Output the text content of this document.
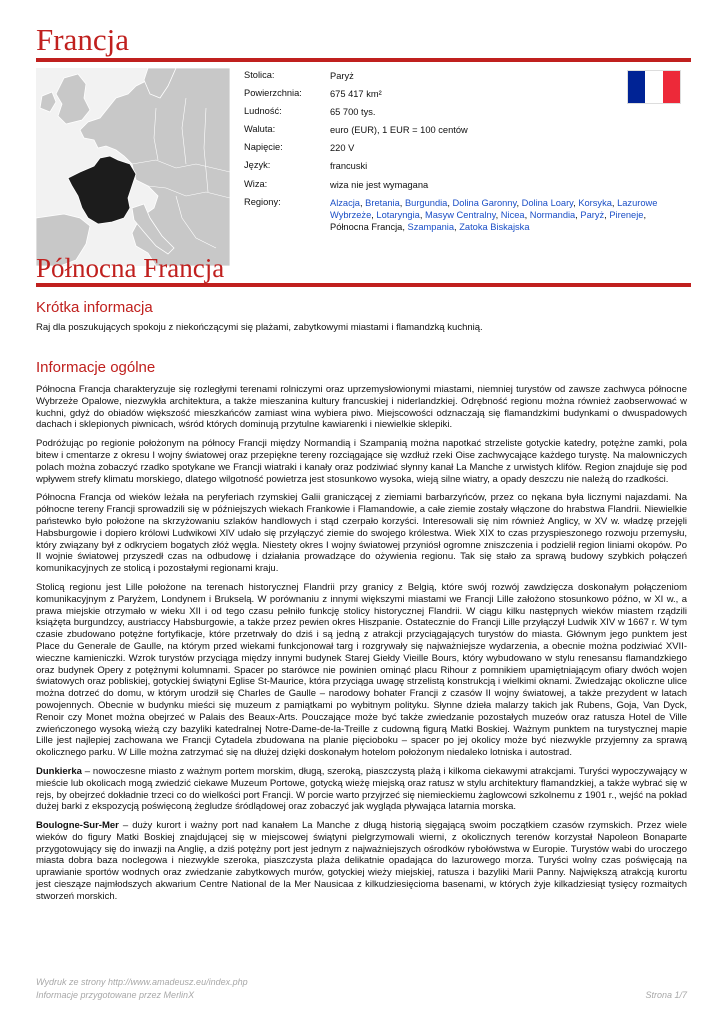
Francja
Stolica:	Paryż
Powierzchnia:	675 417 km²
Ludność:	65 700 tys.
Waluta:	euro (EUR), 1 EUR = 100 centów
Napięcie:	220 V
Język:	francuski
Wiza:	wiza nie jest wymagana
Regiony:	Alzacja, Bretania, Burgundia, Dolina Garonny, Dolina Loary, Korsyka, Lazurowe Wybrzeże, Lotaryngia, Masyw Centralny, Nicea, Normandia, Paryż, Pireneje, Północna Francja, Szampania, Zatoka Biskajska
Północna Francja
Krótka informacja
Raj dla poszukujących spokoju z niekończącymi się plażami, zabytkowymi miastami i flamandzką kuchnią.
Informacje ogólne

Północna Francja charakteryzuje się rozległymi terenami rolniczymi oraz uprzemysłowionymi miastami, niemniej turystów od zawsze zachwyca północne Wybrzeże Opalowe, niezwykła architektura, a także mieszanina kultury francuskiej i niderlandzkiej. Odrębność regionu można również zaobserwować w kuchni, gdyż do obiadów większość mieszkańców zamiast wina wybiera piwo. Miejscowości odznaczają się flamandzkimi budynkami o dwuspadowych dachach i sklepionych piwnicach, wśród których dominują przytulne kawiarenki i niewielkie sklepiki.

Podróżując po regionie położonym na północy Francji między Normandią i Szampanią można napotkać strzeliste gotyckie katedry, potężne zamki, pola bitew i cmentarze z okresu I wojny światowej oraz przepiękne tereny rozciągające się wzdłuż rzeki Oise zachwycające każdego turystę. Na malowniczych polach można zobaczyć rzadko spotykane we Francji wiatraki i kanały oraz podziwiać słynny kanał La Manche z urwistych klifów. Region znajduje się pod wpływem strefy klimatu morskiego, dlatego wilgotność powietrza jest stosunkowo wysoka, wieją silne wiatry, a opady deszczu nie należą do rzadkości.

Północna Francja od wieków leżała na peryferiach rzymskiej Galii graniczącej z ziemiami barbarzyńców, przez co nękana była licznymi najazdami. Na północne tereny Francji sprowadzili się w późniejszych wiekach Frankowie i Flamandowie, a całe ziemie zostały włączone do hrabstwa Flandrii. Niewielkie państewko było położone na skrzyżowaniu szlaków handlowych i stąd czerpało korzyści. Interesowali się nim również Anglicy, w XV w. władzę przejęli Habsburgowie i dopiero królowi Ludwikowi XIV udało się przyłączyć ziemie do swojego królestwa. Wiek XIX to czas przyspieszonego rozwoju przemysłu, który związany był z odkryciem bogatych złóż węgla. Niestety okres I wojny światowej przyniósł ogromne zniszczenia i podzielił region liniami okopów. Po II wojnie światowej przyszedł czas na odbudowę i działania prowadzące do ożywienia regionu. Tak się stało za sprawą budowy szybkich połączeń komunikacyjnych ze stolicą i pozostałymi regionami kraju.

Stolicą regionu jest Lille położone na terenach historycznej Flandrii przy granicy z Belgią, które swój rozwój zawdzięcza doskonałym połączeniom komunikacyjnym z Paryżem, Londynem i Brukselą. W porównaniu z innymi większymi miastami we Francji Lille założono stosunkowo późno, w XI w., a prawa miejskie otrzymało w wieku XII i od tego czasu pełniło funkcję stolicy historycznej Flandrii. W ciągu kilku następnych wieków miastem rządzili książęta burgundzcy, austriaccy Habsburgowie, a także przez pewien okres Hiszpanie. Ostatecznie do Francji Lille przyłączył Ludwik XIV w 1667 r. W tym czasie zbudowano potężne fortyfikacje, które przetrwały do dziś i są jedną z atrakcji przyciągających turystów do miasta. Głównym jego punktem jest Place du Generale de Gaulle, na którym przed wiekami funkcjonował targ i rozgrywały się najważniejsze wydarzenia, a obecnie można podziwiać XVII-wieczne kamieniczki. Wzrok turystów przyciąga między innymi budynek Starej Giełdy Vieille Bours, który wybudowano w stylu renesansu flamandzkiego oraz budynek Opery z potężnymi kolumnami. Spacer po starówce nie powinien ominąć placu Rihour z pomnikiem upamiętniającym ofiary dwóch wojen światowych oraz pobliskiej, gotyckiej świątyni Eglise St-Maurice, która przyciąga uwagę strzelistą konstrukcją i wielkimi oknami. Zwiedzając okoliczne ulice można dotrzeć do domu, w którym urodził się Charles de Gaulle – narodowy bohater Francji z czasów II wojny światowej, a także prezydent w latach powojennych. Obecnie w budynku mieści się muzeum z pamiątkami po wybitnym polityku. Słynne dzieła malarzy takich jak Rubens, Goja, Van Dyck, Renoir czy Monet można obejrzeć w Palais des Beaux-Arts. Pouczające może być także zwiedzanie pozostałych muzeów oraz ratusza Hotel de Ville zwieńczonego wysoką wieżą czy bazyliki katedralnej Notre-Dame-de-la-Treille z cudowną figurą Matki Boskiej. Ważnym punktem na turystycznej mapie Lille jest najlepiej zachowana we Francji Cytadela zbudowana na planie pięcioboku – spacer po jej okolicy może być niezwykle przyjemny za sprawą okolicznego parku. W Lille można zatrzymać się na dłużej dzięki doskonałym hotelom położonym niedaleko lotniska i autostrad.

Dunkierka – nowoczesne miasto z ważnym portem morskim, długą, szeroką, piaszczystą plażą i kilkoma ciekawymi atrakcjami. Turyści wypoczywający w mieście lub okolicach mogą zwiedzić ciekawe Muzeum Portowe, gotycką wieżę miejską oraz ratusz w stylu architektury flamandzkiej, a także wybrać się w rejs, by obejrzeć dokładnie trzeci co do wielkości port Francji. W porcie warto przyjrzeć się niemieckiemu żaglowcowi szkolnemu z 1901 r., wejść na pokład dużej barki z ekspozycją poświęconą żegludze śródlądowej oraz zobaczyć jak wygląda pływająca latarnia morska.

Boulogne-Sur-Mer – duży kurort i ważny port nad kanałem La Manche z długą historią sięgającą swoim początkiem czasów rzymskich. Przez wiele wieków do figury Matki Boskiej znajdującej się w miejscowej świątyni pielgrzymowali wierni, z okolicznych terenów korzystał Napoleon Bonaparte przygotowujący się do inwazji na Anglię, a dziś potężny port jest jednym z najważniejszych ośrodków rybołówstwa w Europie. Turystów wabi do uroczego miasta dobra baza noclegowa i niezwykle szeroka, piaszczysta plaża delikatnie opadająca do lazurowego morza. Turyści wolny czas poświęcają na uprawianie sportów wodnych oraz zwiedzanie zabytkowych murów, gotyckiej wieży miejskiej, ratusza i bazyliki Marii Panny. Największą atrakcją kurortu jest ciesząze najmłodszych akwarium Centre National de la Mer Nausicaa z kilkudziesięcioma basenami, w których żyje kilkadziesiąt tysięcy rozmaitych stworzeń morskich.

Wydruk ze strony http://www.amadeusz.eu/index.php
Informacje przygotowane przez MerlinX	Strona 1/7
